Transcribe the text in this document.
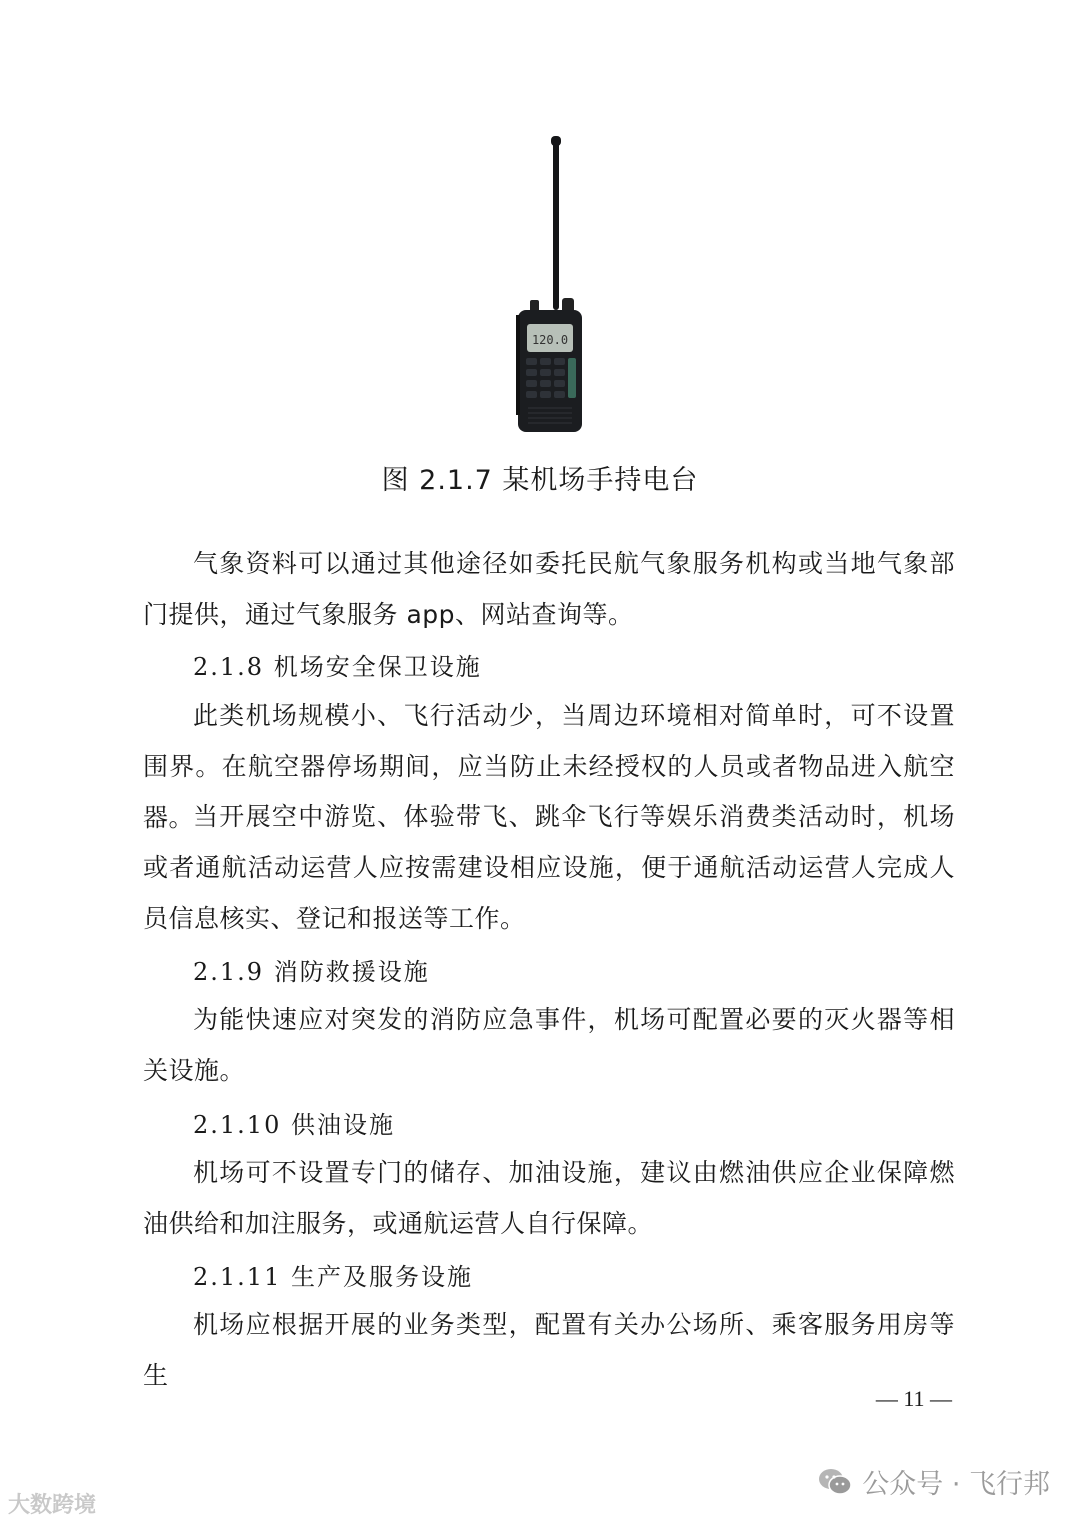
120.0
图 2.1.7 某机场手持电台

气象资料可以通过其他途径如委托民航气象服务机构或当地气象部门提供，通过气象服务 app、网站查询等。

2.1.8 机场安全保卫设施

此类机场规模小、飞行活动少，当周边环境相对简单时，可不设置围界。在航空器停场期间，应当防止未经授权的人员或者物品进入航空器。

当开展空中游览、体验带飞、跳伞飞行等娱乐消费类活动时，机场或者通航活动运营人应按需建设相应设施，便于通航活动运营人完成人员信息核实、登记和报送等工作。

2.1.9 消防救援设施

为能快速应对突发的消防应急事件，机场可配置必要的灭火器等相关设施。

2.1.10 供油设施

机场可不设置专门的储存、加油设施，建议由燃油供应企业保障燃油供给和加注服务，或通航运营人自行保障。

2.1.11 生产及服务设施

机场应根据开展的业务类型，配置有关办公场所、乘客服务用房等生

— 11 —
大数跨境
公众号 · 飞行邦
